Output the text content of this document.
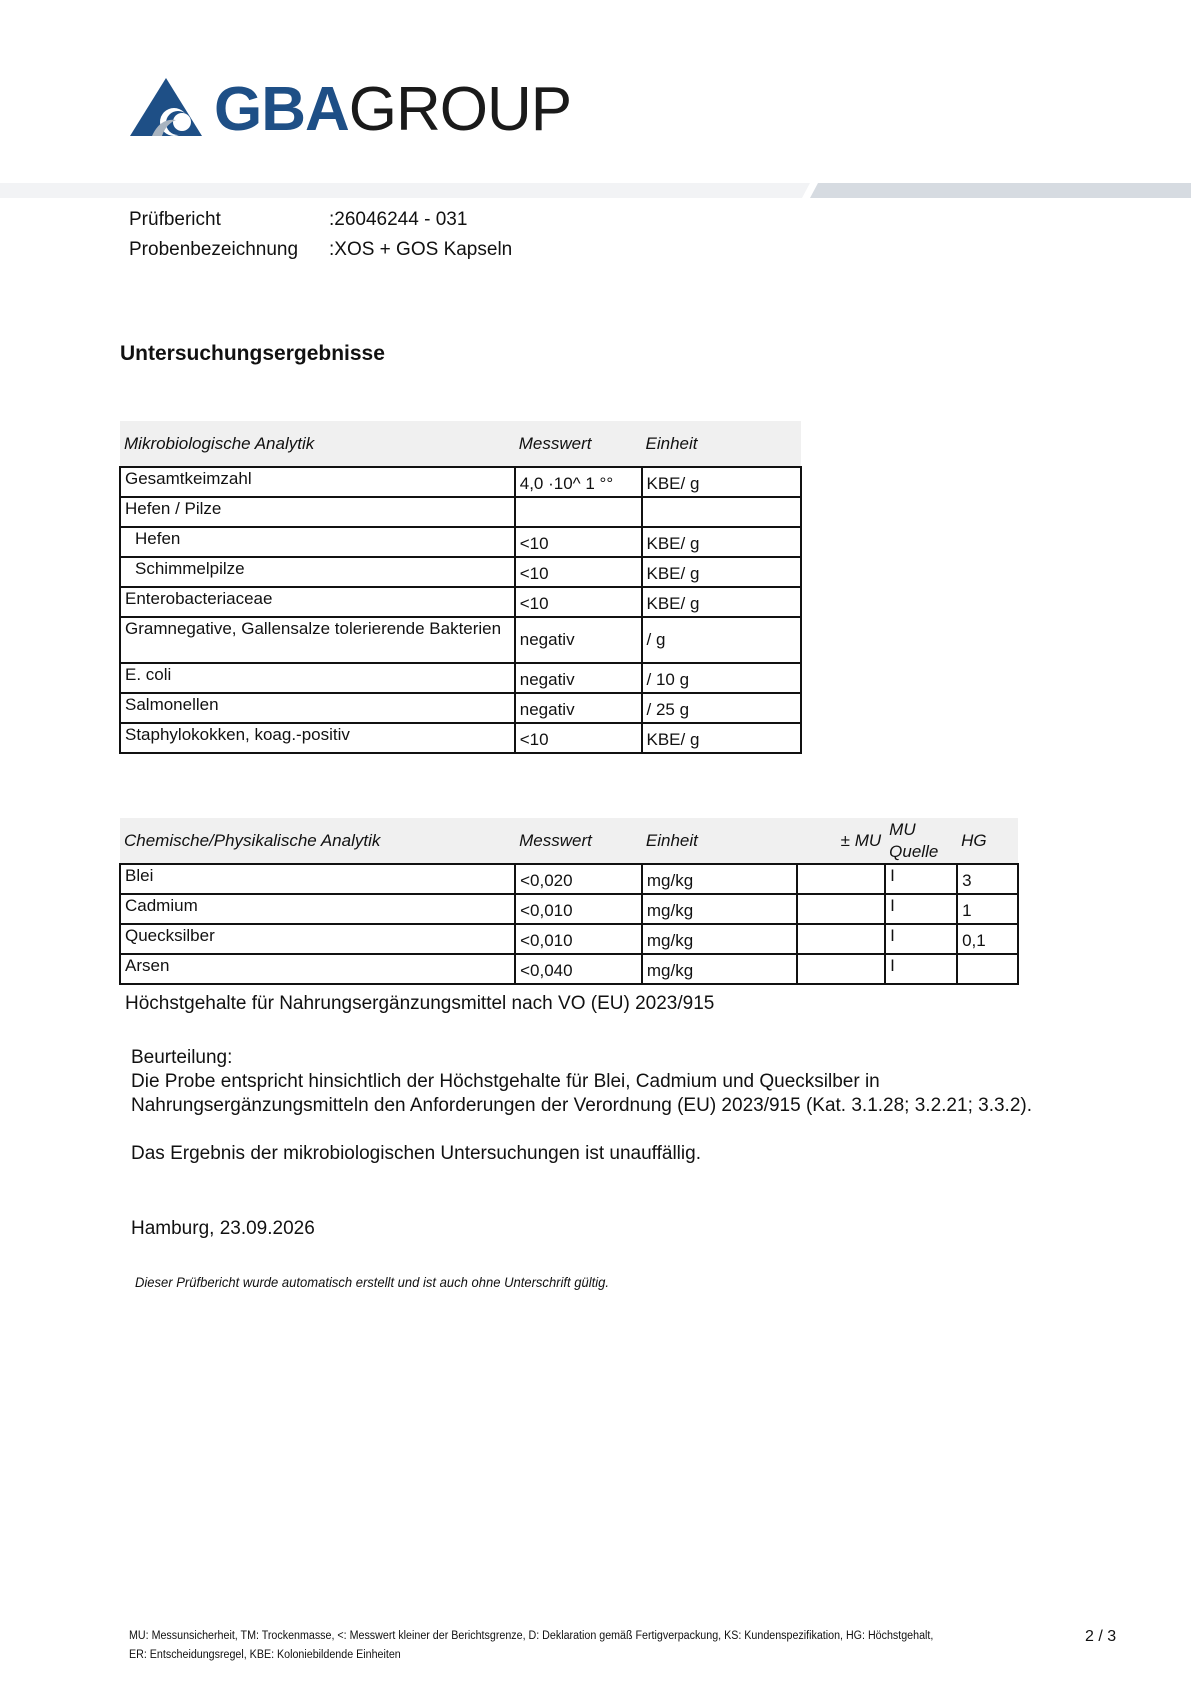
GBAGROUP
Prüfbericht	:26046244 - 031
Probenbezeichnung :XOS + GOS Kapseln
Untersuchungsergebnisse
Mikrobiologische Analytik	Messwert	Einheit
Gesamtkeimzahl	4,0 ·10^ 1 °°	KBE/ g
Hefen / Pilze		
Hefen	<10	KBE/ g
Schimmelpilze	<10	KBE/ g
Enterobacteriaceae	<10	KBE/ g
Gramnegative, Gallensalze tolerierende Bakterien	negativ	/ g
E. coli	negativ	/ 10 g
Salmonellen	negativ	/ 25 g
Staphylokokken, koag.-positiv	<10	KBE/ g
Chemische/Physikalische Analytik	Messwert	Einheit	± MU	MU Quelle	HG
Blei	<0,020	mg/kg		I	3
Cadmium	<0,010	mg/kg		I	1
Quecksilber	<0,010	mg/kg		I	0,1
Arsen	<0,040	mg/kg		I	
Höchstgehalte für Nahrungsergänzungsmittel nach VO (EU) 2023/915

Beurteilung:

Die Probe entspricht hinsichtlich der Höchstgehalte für Blei, Cadmium und Quecksilber in Nahrungsergänzungsmitteln den Anforderungen der Verordnung (EU) 2023/915 (Kat. 3.1.28; 3.2.21; 3.3.2).

Das Ergebnis der mikrobiologischen Untersuchungen ist unauffällig.

Hamburg, 23.09.2026
Dieser Prüfbericht wurde automatisch erstellt und ist auch ohne Unterschrift gültig.
MU: Messunsicherheit, TM: Trockenmasse, <: Messwert kleiner der Berichtsgrenze, D: Deklaration gemäß Fertigverpackung, KS: Kundenspezifikation, HG: Höchstgehalt, ER: Entscheidungsregel, KBE: Koloniebildende Einheiten
2 / 3
